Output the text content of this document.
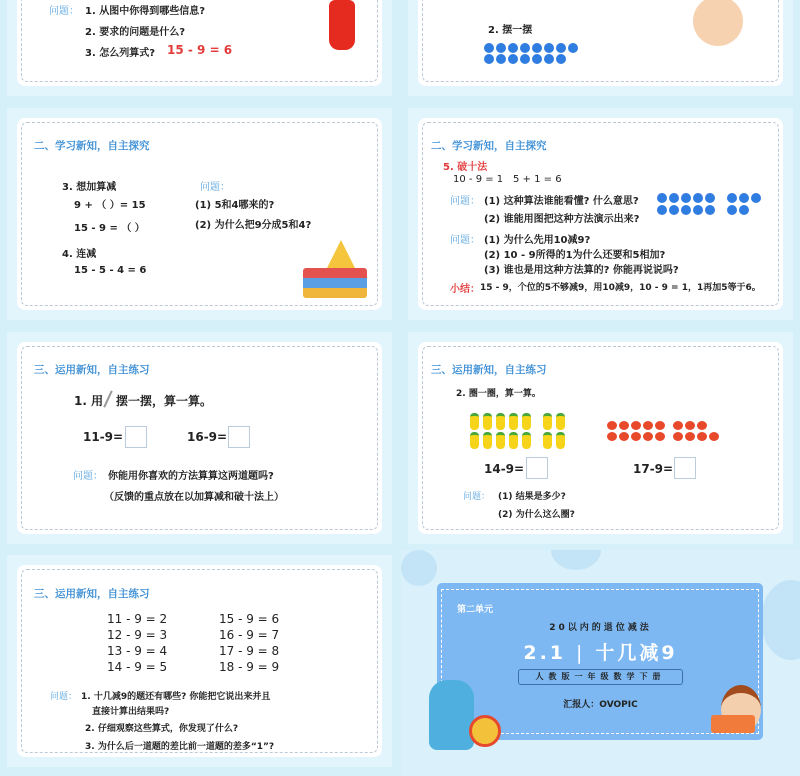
问题： 1. 从图中你得到哪些信息?
2. 要求的问题是什么?
3. 怎么列算式? 15 - 9 = 6
2. 摆一摆

二、学习新知，自主探究
3. 想加算减
9 + （ ）= 15
15 - 9 = （ ）
4. 连减
15 - 5 - 4 = 6
问题：
(1) 5和4哪来的?
(2) 为什么把9分成5和4?
二、学习新知，自主探究
5. 破十法
10 - 9 = 1 5 + 1 = 6
问题： (1) 这种算法谁能看懂? 什么意思?
(2) 谁能用图把这种方法演示出来?
问题： (1) 为什么先用10减9?
(2) 10 - 9所得的1为什么还要和5相加?
(3) 谁也是用这种方法算的? 你能再说说吗?
小结： 15 - 9，个位的5不够减9，用10减9，10 - 9 = 1，1再加5等于6。

三、运用新知，自主练习
1. 用 摆一摆，算一算。
11-9=	16-9=
问题： 你能用你喜欢的方法算算这两道题吗?
（反馈的重点放在以加算减和破十法上）
三、运用新知，自主练习
2. 圈一圈，算一算。

14-9=	17-9=
问题： (1) 结果是多少?
(2) 为什么这么圈?
三、运用新知，自主练习
11 - 9 = 2
12 - 9 = 3
13 - 9 = 4
14 - 9 = 5
15 - 9 = 6
16 - 9 = 7
17 - 9 = 8
18 - 9 = 9
问题： 1. 十几减9的题还有哪些? 你能把它说出来并且
直接计算出结果吗?
2. 仔细观察这些算式，你发现了什么?
3. 为什么后一道题的差比前一道题的差多“1”?
第二单元
20以内的退位减法
2.1 | 十几减9
人教版一年级数学下册
汇报人：OVOPIC
